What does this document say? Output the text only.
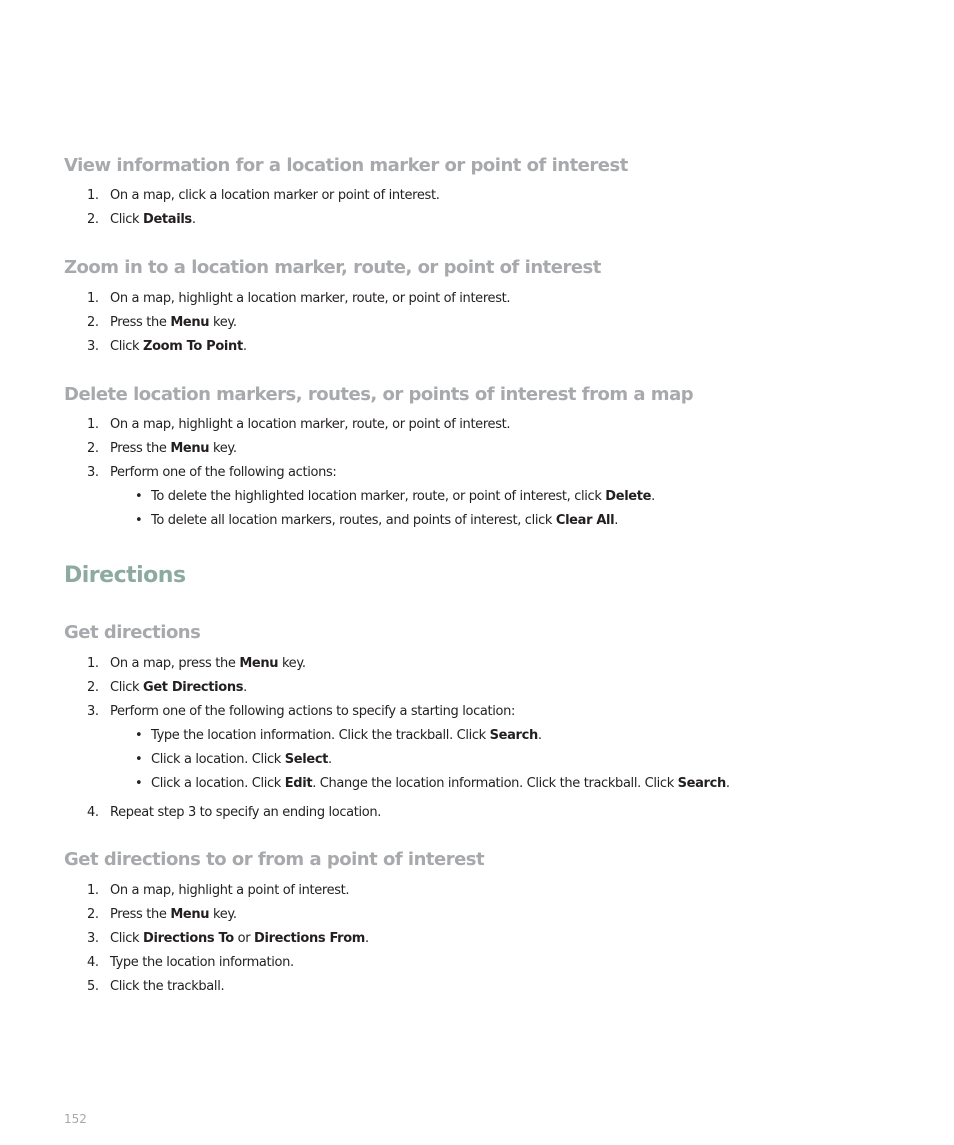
View information for a location marker or point of interest
1. On a map, click a location marker or point of interest.
2. Click Details.
Zoom in to a location marker, route, or point of interest
1. On a map, highlight a location marker, route, or point of interest.
2. Press the Menu key.
3. Click Zoom To Point.
Delete location markers, routes, or points of interest from a map
1. On a map, highlight a location marker, route, or point of interest.
2. Press the Menu key.
3. Perform one of the following actions:
• To delete the highlighted location marker, route, or point of interest, click Delete.
• To delete all location markers, routes, and points of interest, click Clear All.
Directions
Get directions
1. On a map, press the Menu key.
2. Click Get Directions.
3. Perform one of the following actions to specify a starting location:
• Type the location information. Click the trackball. Click Search.
• Click a location. Click Select.
• Click a location. Click Edit. Change the location information. Click the trackball. Click Search.
4. Repeat step 3 to specify an ending location.
Get directions to or from a point of interest
1. On a map, highlight a point of interest.
2. Press the Menu key.
3. Click Directions To or Directions From.
4. Type the location information.
5. Click the trackball.
152
